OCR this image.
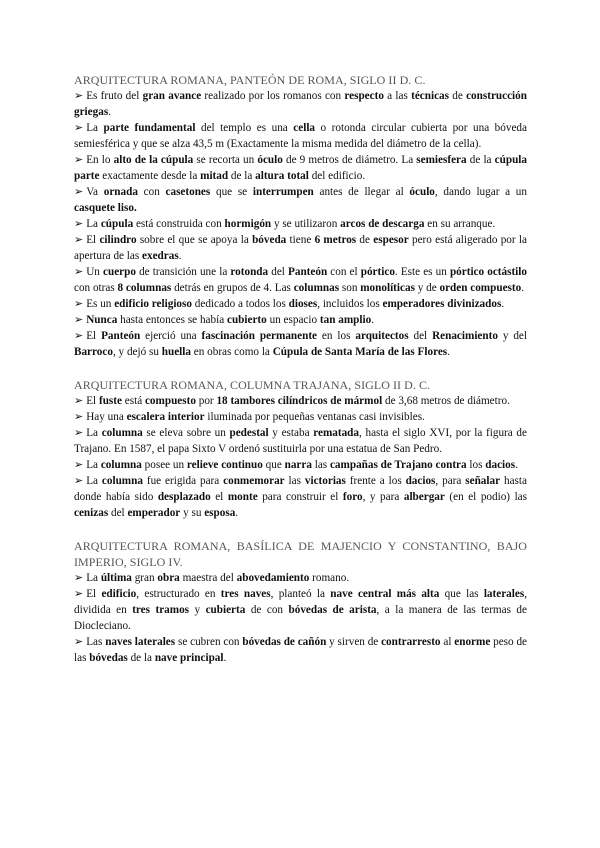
ARQUITECTURA ROMANA, PANTEÓN DE ROMA, SIGLO II D. C.

➢ Es fruto del gran avance realizado por los romanos con respecto a las técnicas de construcción griegas.

➢ La parte fundamental del templo es una cella o rotonda circular cubierta por una bóveda semiesférica y que se alza 43,5 m (Exactamente la misma medida del diámetro de la cella).

➢ En lo alto de la cúpula se recorta un óculo de 9 metros de diámetro. La semiesfera de la cúpula parte exactamente desde la mitad de la altura total del edificio.

➢ Va ornada con casetones que se interrumpen antes de llegar al óculo, dando lugar a un casquete liso.

➢ La cúpula está construida con hormigón y se utilizaron arcos de descarga en su arranque.

➢ El cilindro sobre el que se apoya la bóveda tiene 6 metros de espesor pero está aligerado por la apertura de las exedras.

➢ Un cuerpo de transición une la rotonda del Panteón con el pórtico. Este es un pórtico octástilo con otras 8 columnas detrás en grupos de 4. Las columnas son monolíticas y de orden compuesto.

➢ Es un edificio religioso dedicado a todos los dioses, incluidos los emperadores divinizados.

➢ Nunca hasta entonces se había cubierto un espacio tan amplio.

➢ El Panteón ejerció una fascinación permanente en los arquitectos del Renacimiento y del Barroco, y dejó su huella en obras como la Cúpula de Santa María de las Flores.

ARQUITECTURA ROMANA, COLUMNA TRAJANA, SIGLO II D. C.

➢ El fuste está compuesto por 18 tambores cilíndricos de mármol de 3,68 metros de diámetro.

➢ Hay una escalera interior iluminada por pequeñas ventanas casi invisibles.

➢ La columna se eleva sobre un pedestal y estaba rematada, hasta el siglo XVI, por la figura de Trajano. En 1587, el papa Sixto V ordenó sustituirla por una estatua de San Pedro.

➢ La columna posee un relieve continuo que narra las campañas de Trajano contra los dacios.

➢ La columna fue erigida para conmemorar las victorias frente a los dacios, para señalar hasta donde había sido desplazado el monte para construir el foro, y para albergar (en el podio) las cenizas del emperador y su esposa.

ARQUITECTURA ROMANA, BASÍLICA DE MAJENCIO Y CONSTANTINO, BAJO IMPERIO, SIGLO IV.

➢ La última gran obra maestra del abovedamiento romano.

➢ El edificio, estructurado en tres naves, planteó la nave central más alta que las laterales, dividida en tres tramos y cubierta de con bóvedas de arista, a la manera de las termas de Diocleciano.

➢ Las naves laterales se cubren con bóvedas de cañón y sirven de contrarresto al enorme peso de las bóvedas de la nave principal.
